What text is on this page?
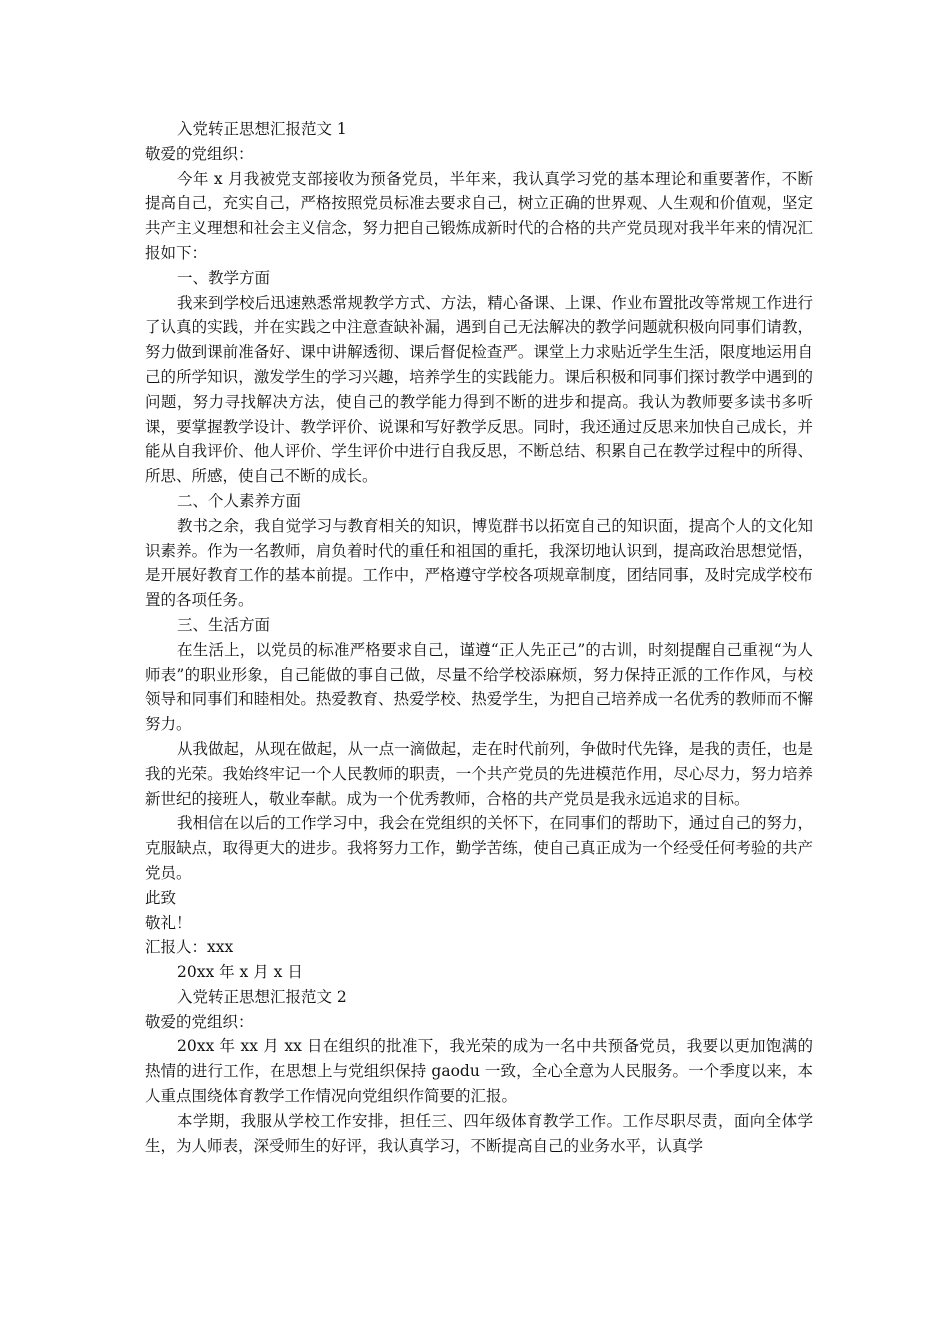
入党转正思想汇报范文 1

敬爱的党组织：

今年 x 月我被党支部接收为预备党员，半年来，我认真学习党的基本理论和重要著作，不断提高自己，充实自己，严格按照党员标准去要求自己，树立正确的世界观、人生观和价值观，坚定共产主义理想和社会主义信念，努力把自己锻炼成新时代的合格的共产党员现对我半年来的情况汇报如下：

一、教学方面

我来到学校后迅速熟悉常规教学方式、方法，精心备课、上课、作业布置批改等常规工作进行了认真的实践，并在实践之中注意查缺补漏，遇到自己无法解决的教学问题就积极向同事们请教，努力做到课前准备好、课中讲解透彻、课后督促检查严。课堂上力求贴近学生生活，限度地运用自己的所学知识，激发学生的学习兴趣，培养学生的实践能力。课后积极和同事们探讨教学中遇到的问题，努力寻找解决方法，使自己的教学能力得到不断的进步和提高。我认为教师要多读书多听课，要掌握教学设计、教学评价、说课和写好教学反思。同时，我还通过反思来加快自己成长，并能从自我评价、他人评价、学生评价中进行自我反思，不断总结、积累自己在教学过程中的所得、所思、所感，使自己不断的成长。

二、个人素养方面

教书之余，我自觉学习与教育相关的知识，博览群书以拓宽自己的知识面，提高个人的文化知识素养。作为一名教师，肩负着时代的重任和祖国的重托，我深切地认识到，提高政治思想觉悟，是开展好教育工作的基本前提。工作中，严格遵守学校各项规章制度，团结同事，及时完成学校布置的各项任务。

三、生活方面

在生活上，以党员的标准严格要求自己，谨遵“正人先正己”的古训，时刻提醒自己重视“为人师表”的职业形象，自己能做的事自己做，尽量不给学校添麻烦，努力保持正派的工作作风，与校领导和同事们和睦相处。热爱教育、热爱学校、热爱学生，为把自己培养成一名优秀的教师而不懈努力。

从我做起，从现在做起，从一点一滴做起，走在时代前列，争做时代先锋，是我的责任，也是我的光荣。我始终牢记一个人民教师的职责，一个共产党员的先进模范作用，尽心尽力，努力培养新世纪的接班人，敬业奉献。成为一个优秀教师，合格的共产党员是我永远追求的目标。

我相信在以后的工作学习中，我会在党组织的关怀下，在同事们的帮助下，通过自己的努力，克服缺点，取得更大的进步。我将努力工作，勤学苦练，使自己真正成为一个经受任何考验的共产党员。

此致

敬礼！

汇报人：xxx

20xx 年 x 月 x 日

入党转正思想汇报范文 2

敬爱的党组织：

20xx 年 xx 月 xx 日在组织的批准下，我光荣的成为一名中共预备党员，我要以更加饱满的热情的进行工作，在思想上与党组织保持 gaodu 一致，全心全意为人民服务。一个季度以来，本人重点围绕体育教学工作情况向党组织作简要的汇报。

本学期，我服从学校工作安排，担任三、四年级体育教学工作。工作尽职尽责，面向全体学生，为人师表，深受师生的好评，我认真学习，不断提高自己的业务水平，认真学
